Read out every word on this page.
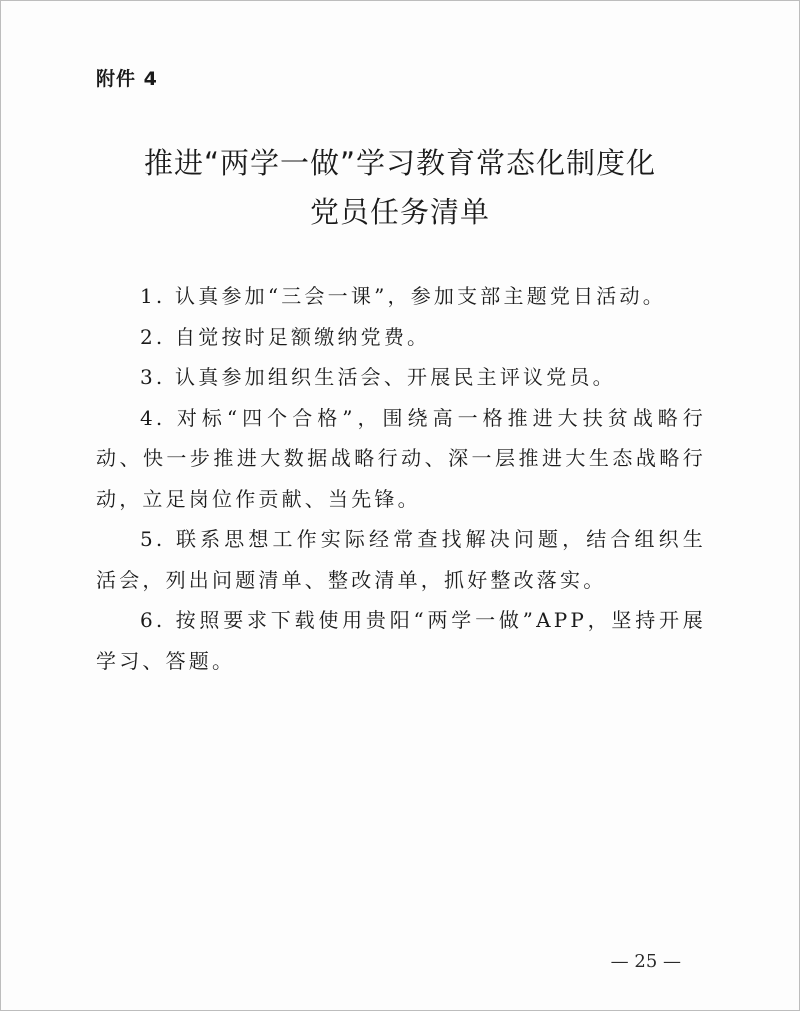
附件 4
推进“两学一做”学习教育常态化制度化
党员任务清单

1. 认真参加“三会一课”，参加支部主题党日活动。

2. 自觉按时足额缴纳党费。

3. 认真参加组织生活会、开展民主评议党员。

4. 对标“四个合格”，围绕高一格推进大扶贫战略行动、快一步推进大数据战略行动、深一层推进大生态战略行动，立足岗位作贡献、当先锋。

5. 联系思想工作实际经常查找解决问题，结合组织生活会，列出问题清单、整改清单，抓好整改落实。

6. 按照要求下载使用贵阳“两学一做”APP，坚持开展学习、答题。

— 25 —
